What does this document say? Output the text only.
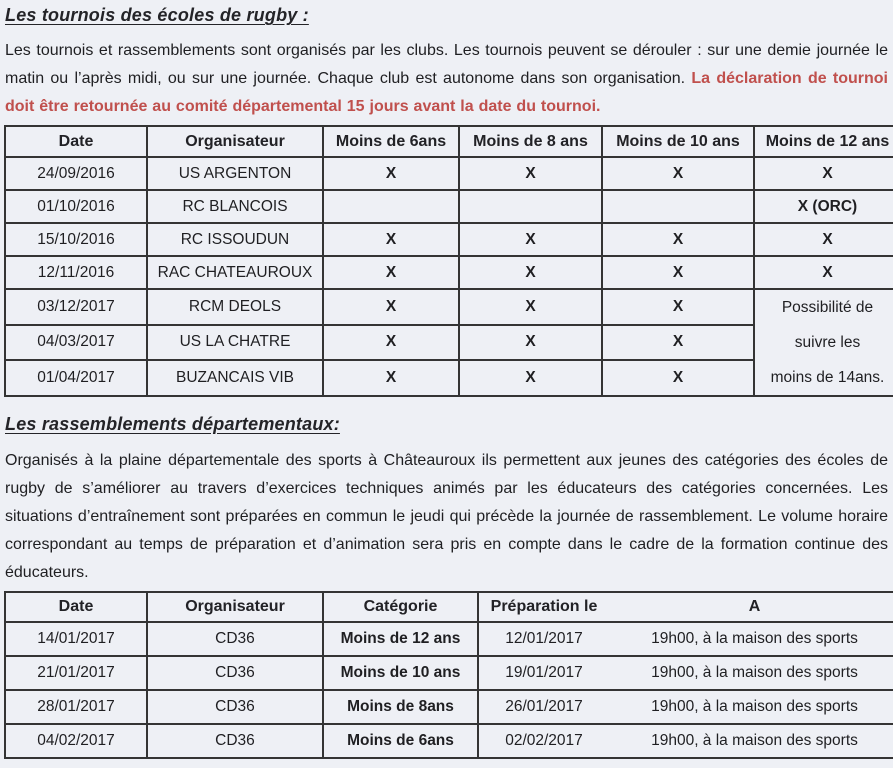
Les tournois des écoles de rugby :

Les tournois et rassemblements sont organisés par les clubs. Les tournois peuvent se dérouler : sur une demie journée le matin ou l’après midi, ou sur une journée. Chaque club est autonome dans son organisation. La déclaration de tournoi doit être retournée au comité départemental 15 jours avant la date du tournoi.

Date	Organisateur	Moins de 6ans	Moins de 8 ans	Moins de 10 ans	Moins de 12 ans
24/09/2016	US ARGENTON	X	X	X	X
01/10/2016	RC BLANCOIS				X (ORC)
15/10/2016	RC ISSOUDUN	X	X	X	X
12/11/2016	RAC CHATEAUROUX	X	X	X	X
03/12/2017	RCM DEOLS	X	X	X	Possibilité de
suivre les
moins de 14ans.

04/03/2017	US LA CHATRE	X	X	X	
01/04/2017	BUZANCAIS VIB	X	X	X	
Les rassemblements départementaux:

Organisés à la plaine départementale des sports à Châteauroux ils permettent aux jeunes des catégories des écoles de rugby de s’améliorer au travers d’exercices techniques animés par les éducateurs des catégories concernées. Les situations d’entraînement sont préparées en commun le jeudi qui précède la journée de rassemblement. Le volume horaire correspondant au temps de préparation et d’animation sera pris en compte dans le cadre de la formation continue des éducateurs.

Date	Organisateur	Catégorie	Préparation le	A
14/01/2017	CD36	Moins de 12 ans	12/01/2017	19h00, à la maison des sports
21/01/2017	CD36	Moins de 10 ans	19/01/2017	19h00, à la maison des sports
28/01/2017	CD36	Moins de 8ans	26/01/2017	19h00, à la maison des sports
04/02/2017	CD36	Moins de 6ans	02/02/2017	19h00, à la maison des sports
